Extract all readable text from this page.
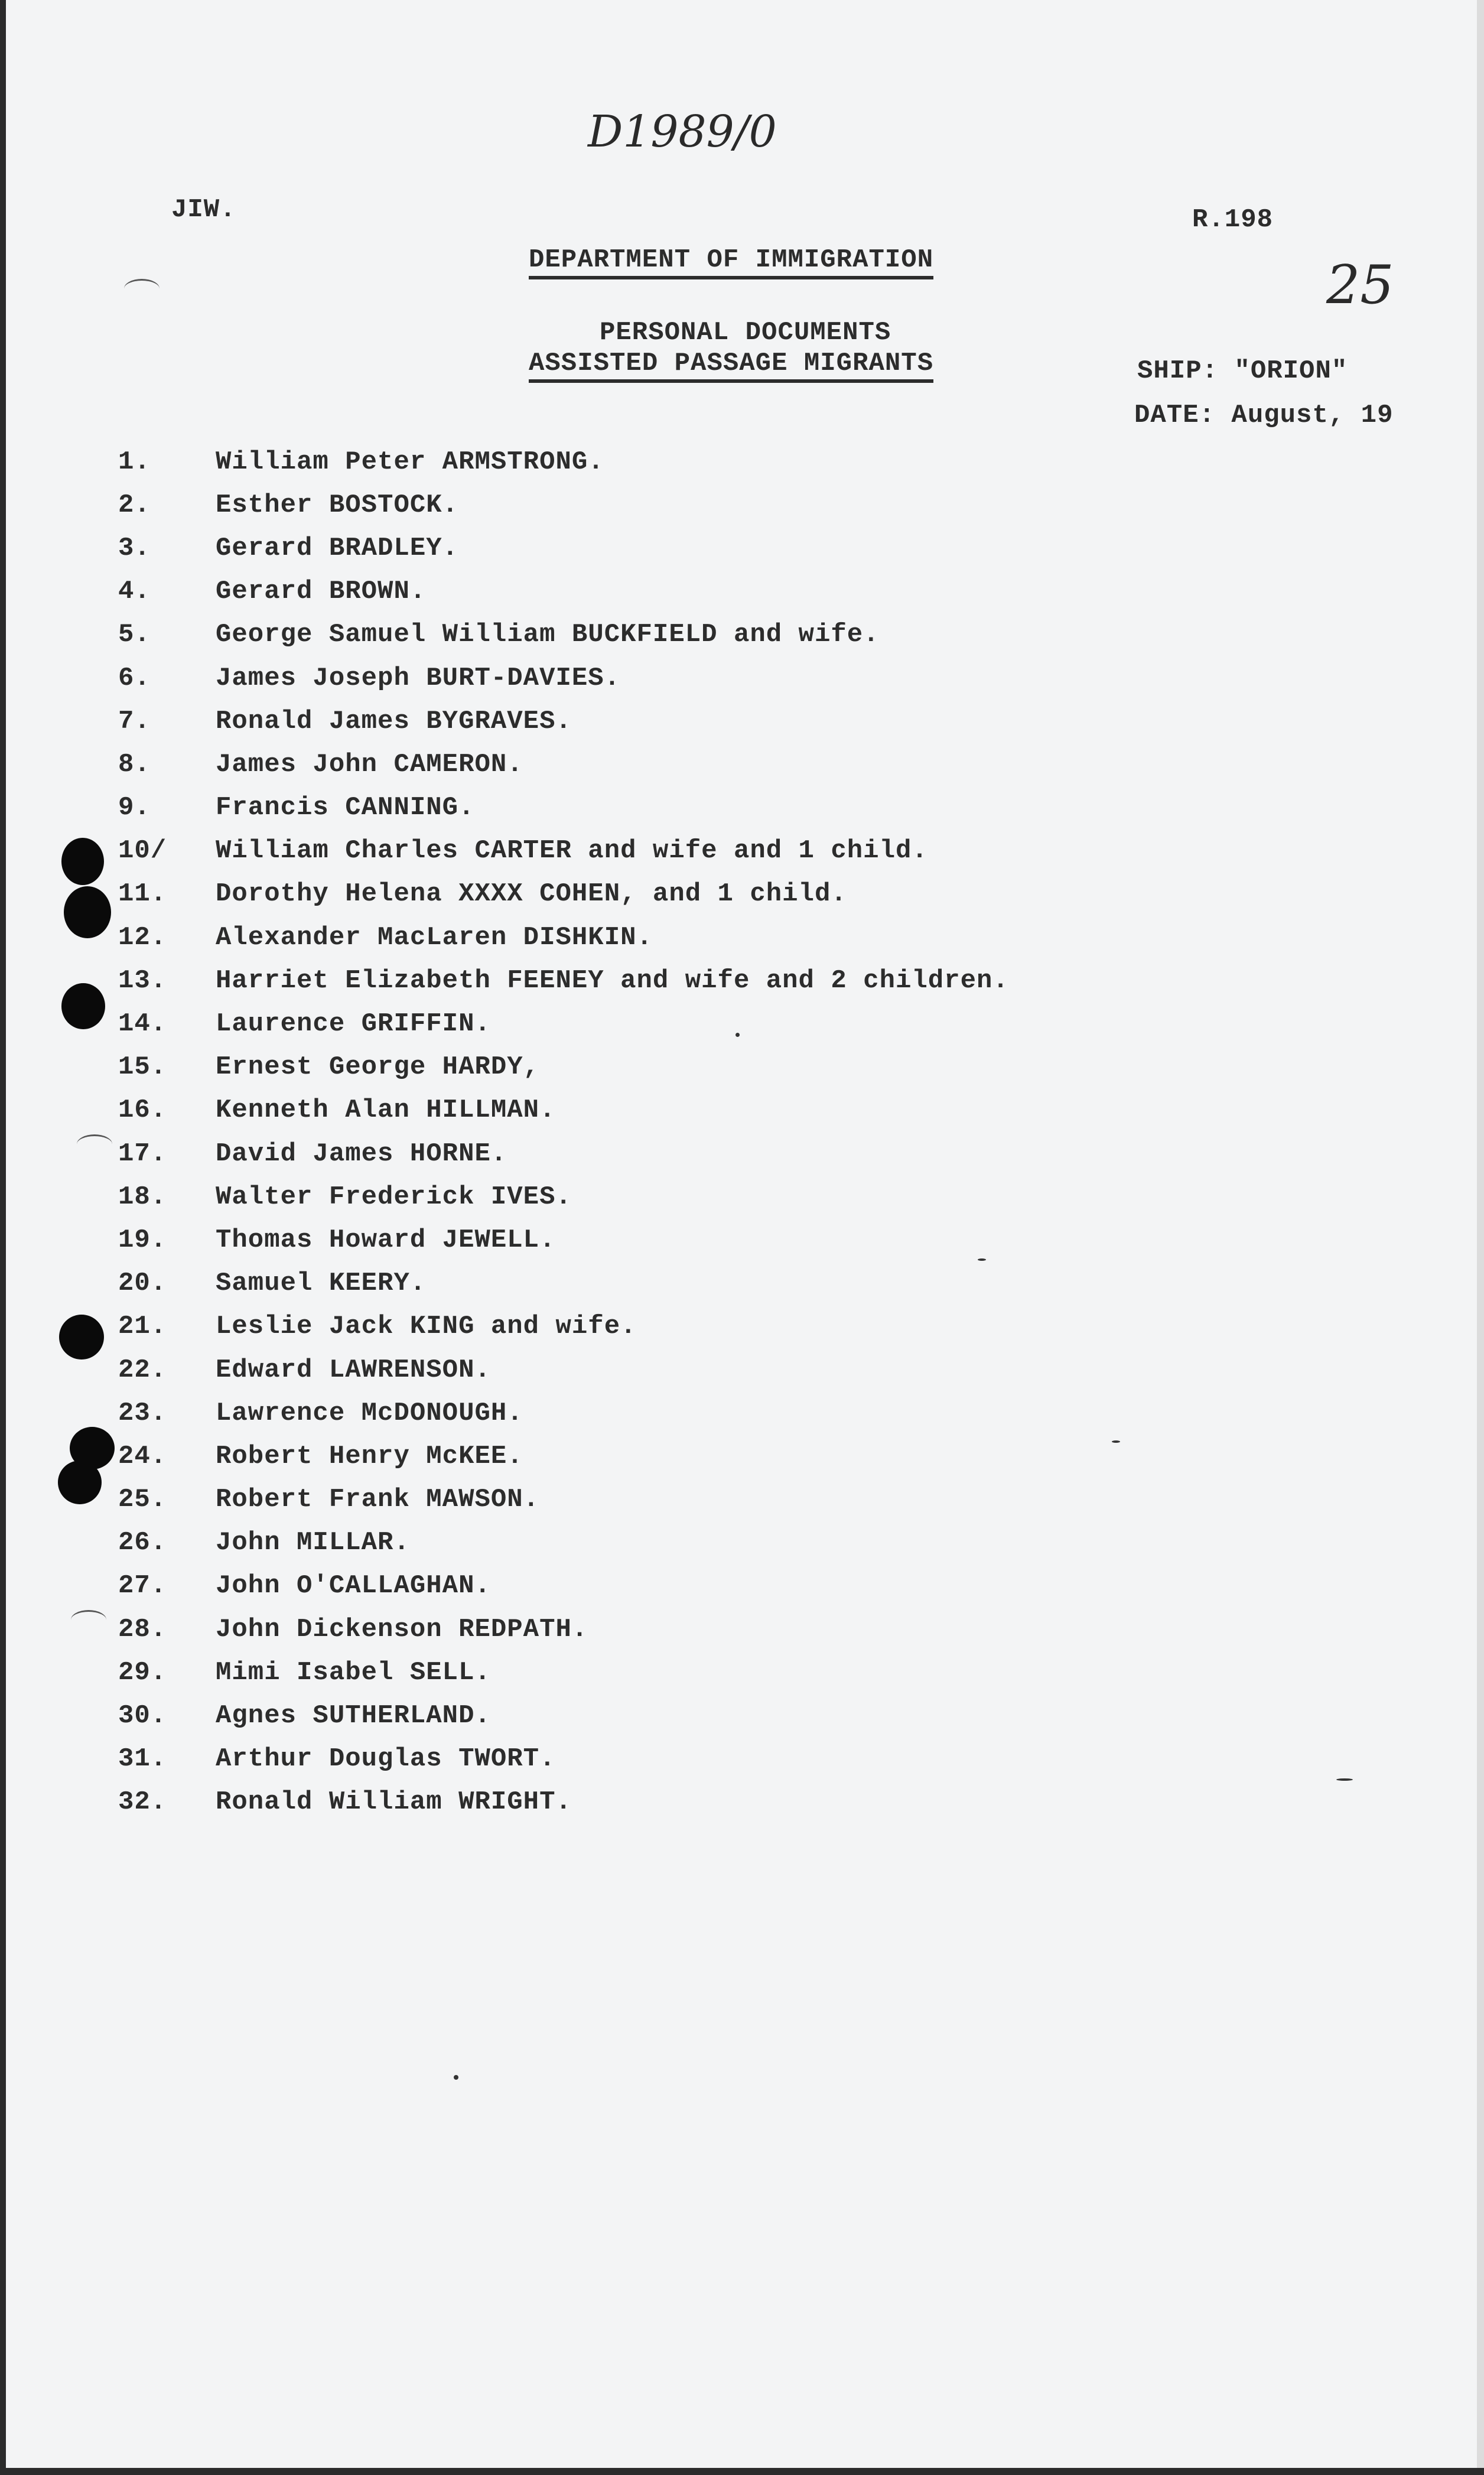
D1989/0
JIW.	R.198
25
DEPARTMENT OF IMMIGRATION
PERSONAL DOCUMENTS
ASSISTED PASSAGE MIGRANTS	SHIP: "ORION"
DATE: August, 19
1.	William Peter ARMSTRONG.
2.	Esther BOSTOCK.
3.	Gerard BRADLEY.
4.	Gerard BROWN.
5.	George Samuel William BUCKFIELD and wife.
6.	James Joseph BURT-DAVIES.
7.	Ronald James BYGRAVES.
8.	James John CAMERON.
9.	Francis CANNING.
10/	William Charles CARTER and wife and 1 child.
11.	Dorothy Helena XXXX COHEN, and 1 child.
12.	Alexander MacLaren DISHKIN.
13.	Harriet Elizabeth FEENEY and wife and 2 children.
14.	Laurence GRIFFIN.
15.	Ernest George HARDY,
16.	Kenneth Alan HILLMAN.
17.	David James HORNE.
18.	Walter Frederick IVES.
19.	Thomas Howard JEWELL.
20.	Samuel KEERY.
21.	Leslie Jack KING and wife.
22.	Edward LAWRENSON.
23.	Lawrence McDONOUGH.
24.	Robert Henry McKEE.
25.	Robert Frank MAWSON.
26.	John MILLAR.
27.	John O'CALLAGHAN.
28.	John Dickenson REDPATH.
29.	Mimi Isabel SELL.
30.	Agnes SUTHERLAND.
31.	Arthur Douglas TWORT.
32.	Ronald William WRIGHT.
